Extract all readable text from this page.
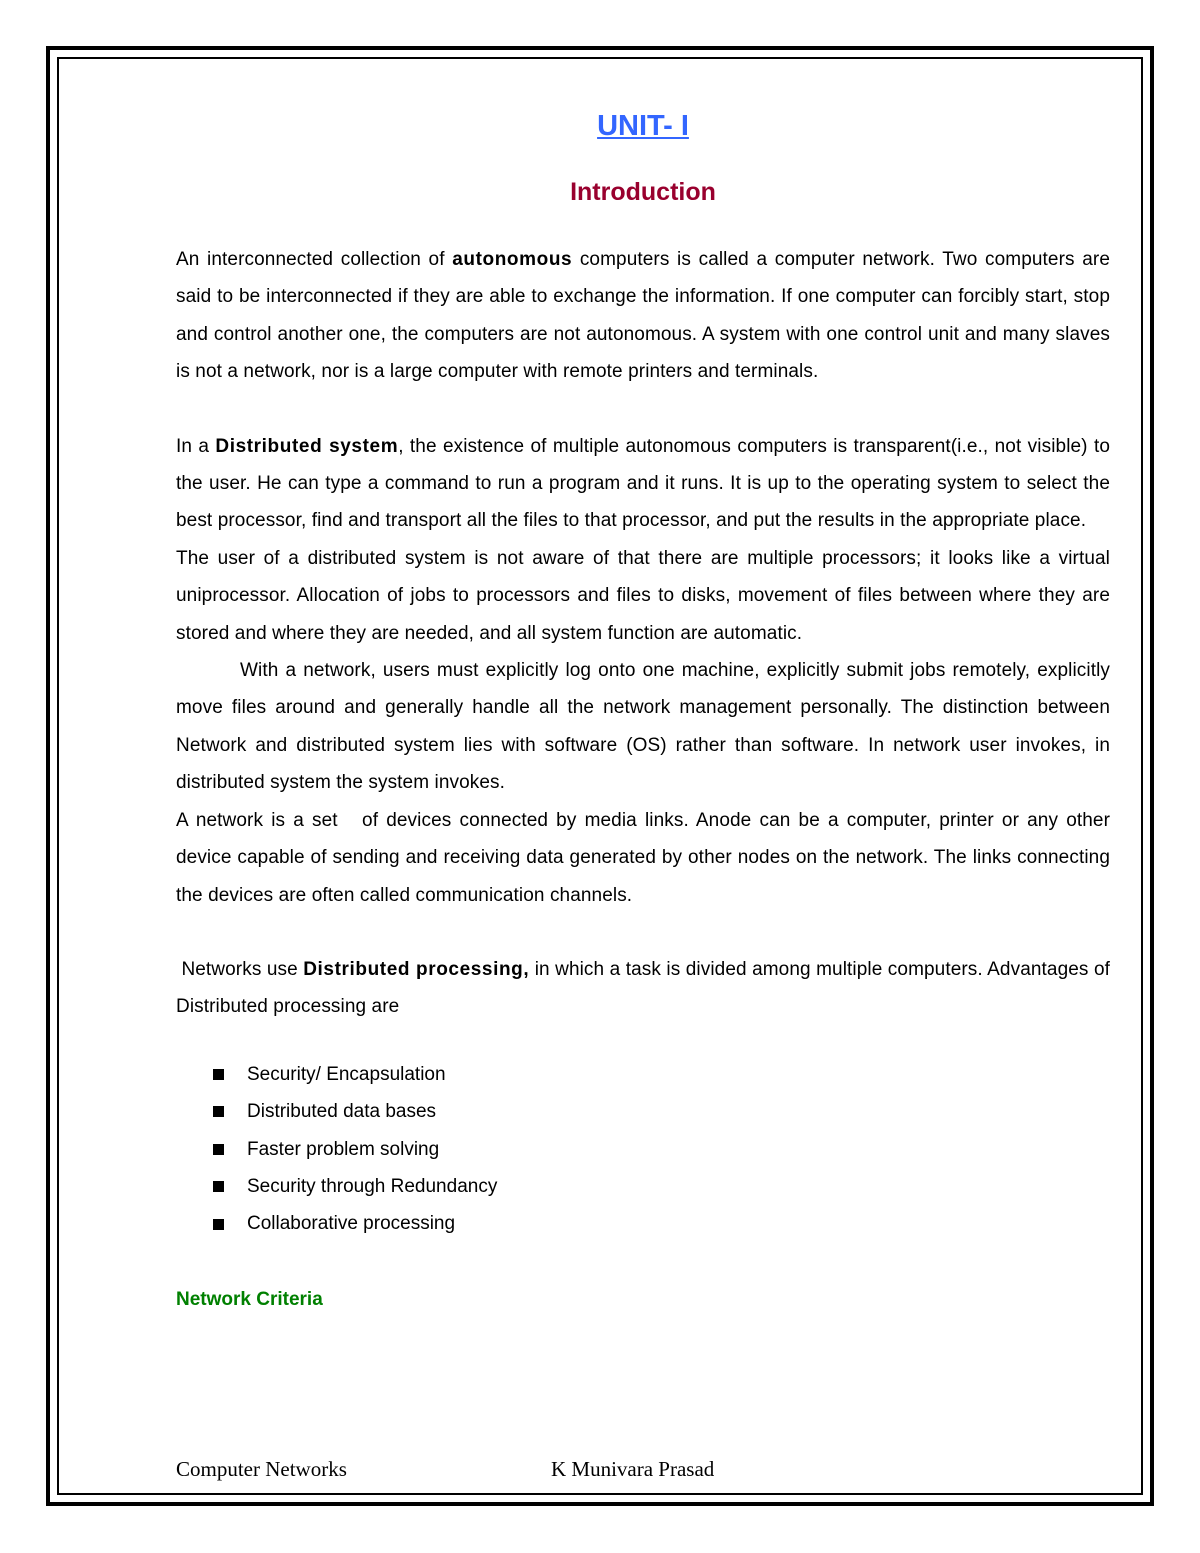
UNIT- I
Introduction

An interconnected collection of autonomous computers is called a computer network. Two computers are said to be interconnected if they are able to exchange the information. If one computer can forcibly start, stop and control another one, the computers are not autonomous. A system with one control unit and many slaves is not a network, nor is a large computer with remote printers and terminals.

In a Distributed system, the existence of multiple autonomous computers is transparent(i.e., not visible) to the user. He can type a command to run a program and it runs. It is up to the operating system to select the best processor, find and transport all the files to that processor, and put the results in the appropriate place.

The user of a distributed system is not aware of that there are multiple processors; it looks like a virtual uniprocessor. Allocation of jobs to processors and files to disks, movement of files between where they are stored and where they are needed, and all system function are automatic.

With a network, users must explicitly log onto one machine, explicitly submit jobs remotely, explicitly move files around and generally handle all the network management personally. The distinction between Network and distributed system lies with software (OS) rather than software. In network user invokes, in distributed system the system invokes.

A network is a set   of devices connected by media links. Anode can be a computer, printer or any other device capable of sending and receiving data generated by other nodes on the network. The links connecting the devices are often called communication channels.

Networks use Distributed processing, in which a task is divided among multiple computers. Advantages of Distributed processing are

Security/ Encapsulation
Distributed data bases
Faster problem solving
Security through Redundancy
Collaborative processing
Network Criteria
Computer Networks	K Munivara Prasad
